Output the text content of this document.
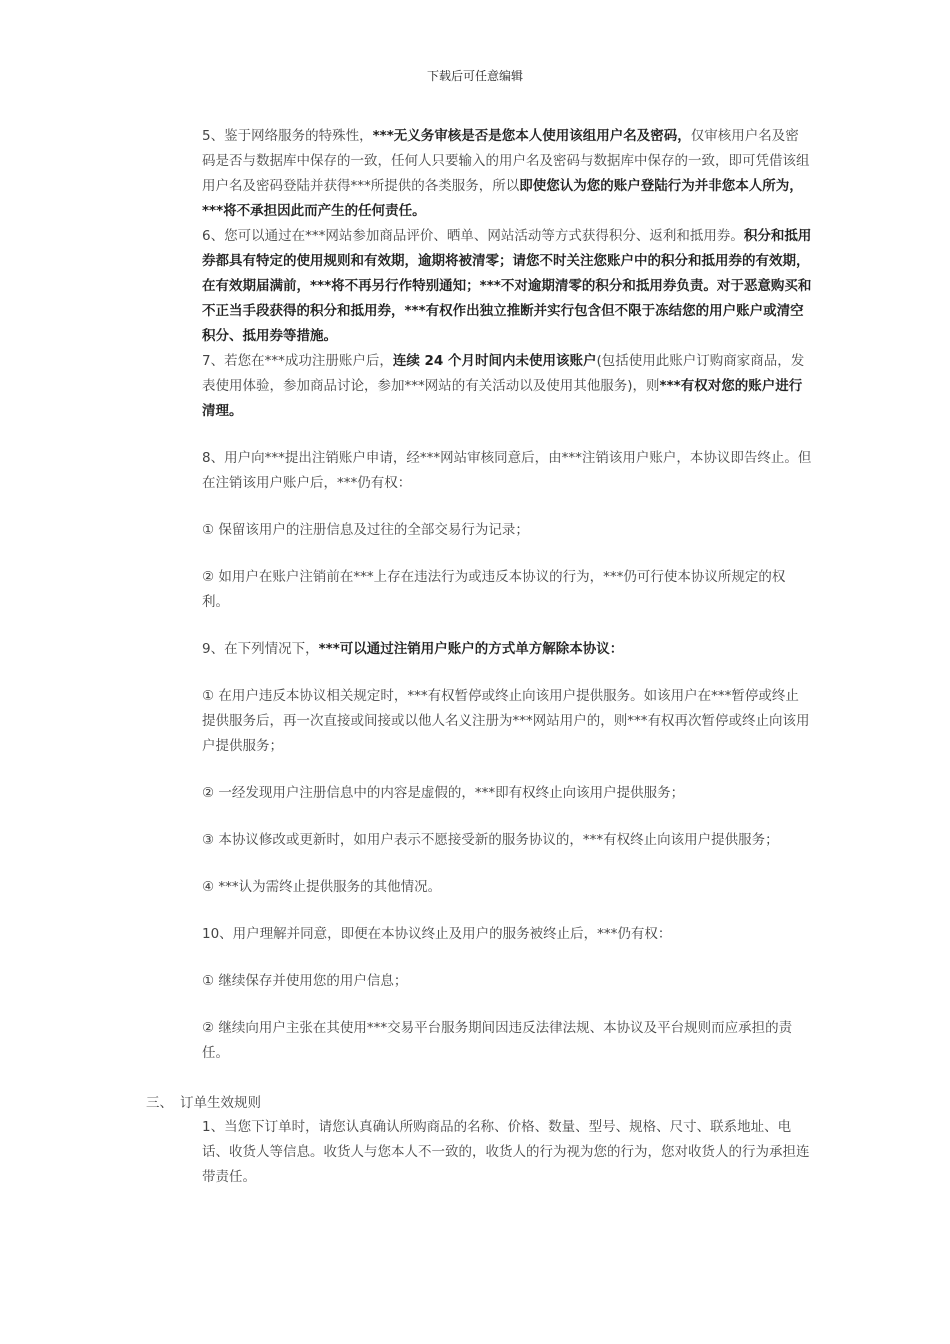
下载后可任意编辑

5、鉴于网络服务的特殊性，***无义务审核是否是您本人使用该组用户名及密码，仅审核用户名及密码是否与数据库中保存的一致，任何人只要输入的用户名及密码与数据库中保存的一致，即可凭借该组用户名及密码登陆并获得***所提供的各类服务，所以即使您认为您的账户登陆行为并非您本人所为，***将不承担因此而产生的任何责任。

6、您可以通过在***网站参加商品评价、晒单、网站活动等方式获得积分、返利和抵用券。积分和抵用券都具有特定的使用规则和有效期，逾期将被清零；请您不时关注您账户中的积分和抵用券的有效期，在有效期届满前，***将不再另行作特别通知；***不对逾期清零的积分和抵用券负责。对于恶意购买和不正当手段获得的积分和抵用券，***有权作出独立推断并实行包含但不限于冻结您的用户账户或清空积分、抵用券等措施。

7、若您在***成功注册账户后，连续 24 个月时间内未使用该账户(包括使用此账户订购商家商品，发表使用体验，参加商品讨论，参加***网站的有关活动以及使用其他服务)，则***有权对您的账户进行清理。

8、用户向***提出注销账户申请，经***网站审核同意后，由***注销该用户账户，本协议即告终止。但在注销该用户账户后，***仍有权：

① 保留该用户的注册信息及过往的全部交易行为记录；

② 如用户在账户注销前在***上存在违法行为或违反本协议的行为，***仍可行使本协议所规定的权利。

9、在下列情况下，***可以通过注销用户账户的方式单方解除本协议：

① 在用户违反本协议相关规定时，***有权暂停或终止向该用户提供服务。如该用户在***暂停或终止提供服务后，再一次直接或间接或以他人名义注册为***网站用户的，则***有权再次暂停或终止向该用户提供服务；

② 一经发现用户注册信息中的内容是虚假的，***即有权终止向该用户提供服务；

③ 本协议修改或更新时，如用户表示不愿接受新的服务协议的，***有权终止向该用户提供服务；

④ ***认为需终止提供服务的其他情况。

10、用户理解并同意，即便在本协议终止及用户的服务被终止后，***仍有权：

① 继续保存并使用您的用户信息；

② 继续向用户主张在其使用***交易平台服务期间因违反法律法规、本协议及平台规则而应承担的责任。

三、 订单生效规则

1、当您下订单时，请您认真确认所购商品的名称、价格、数量、型号、规格、尺寸、联系地址、电话、收货人等信息。收货人与您本人不一致的，收货人的行为视为您的行为，您对收货人的行为承担连带责任。
